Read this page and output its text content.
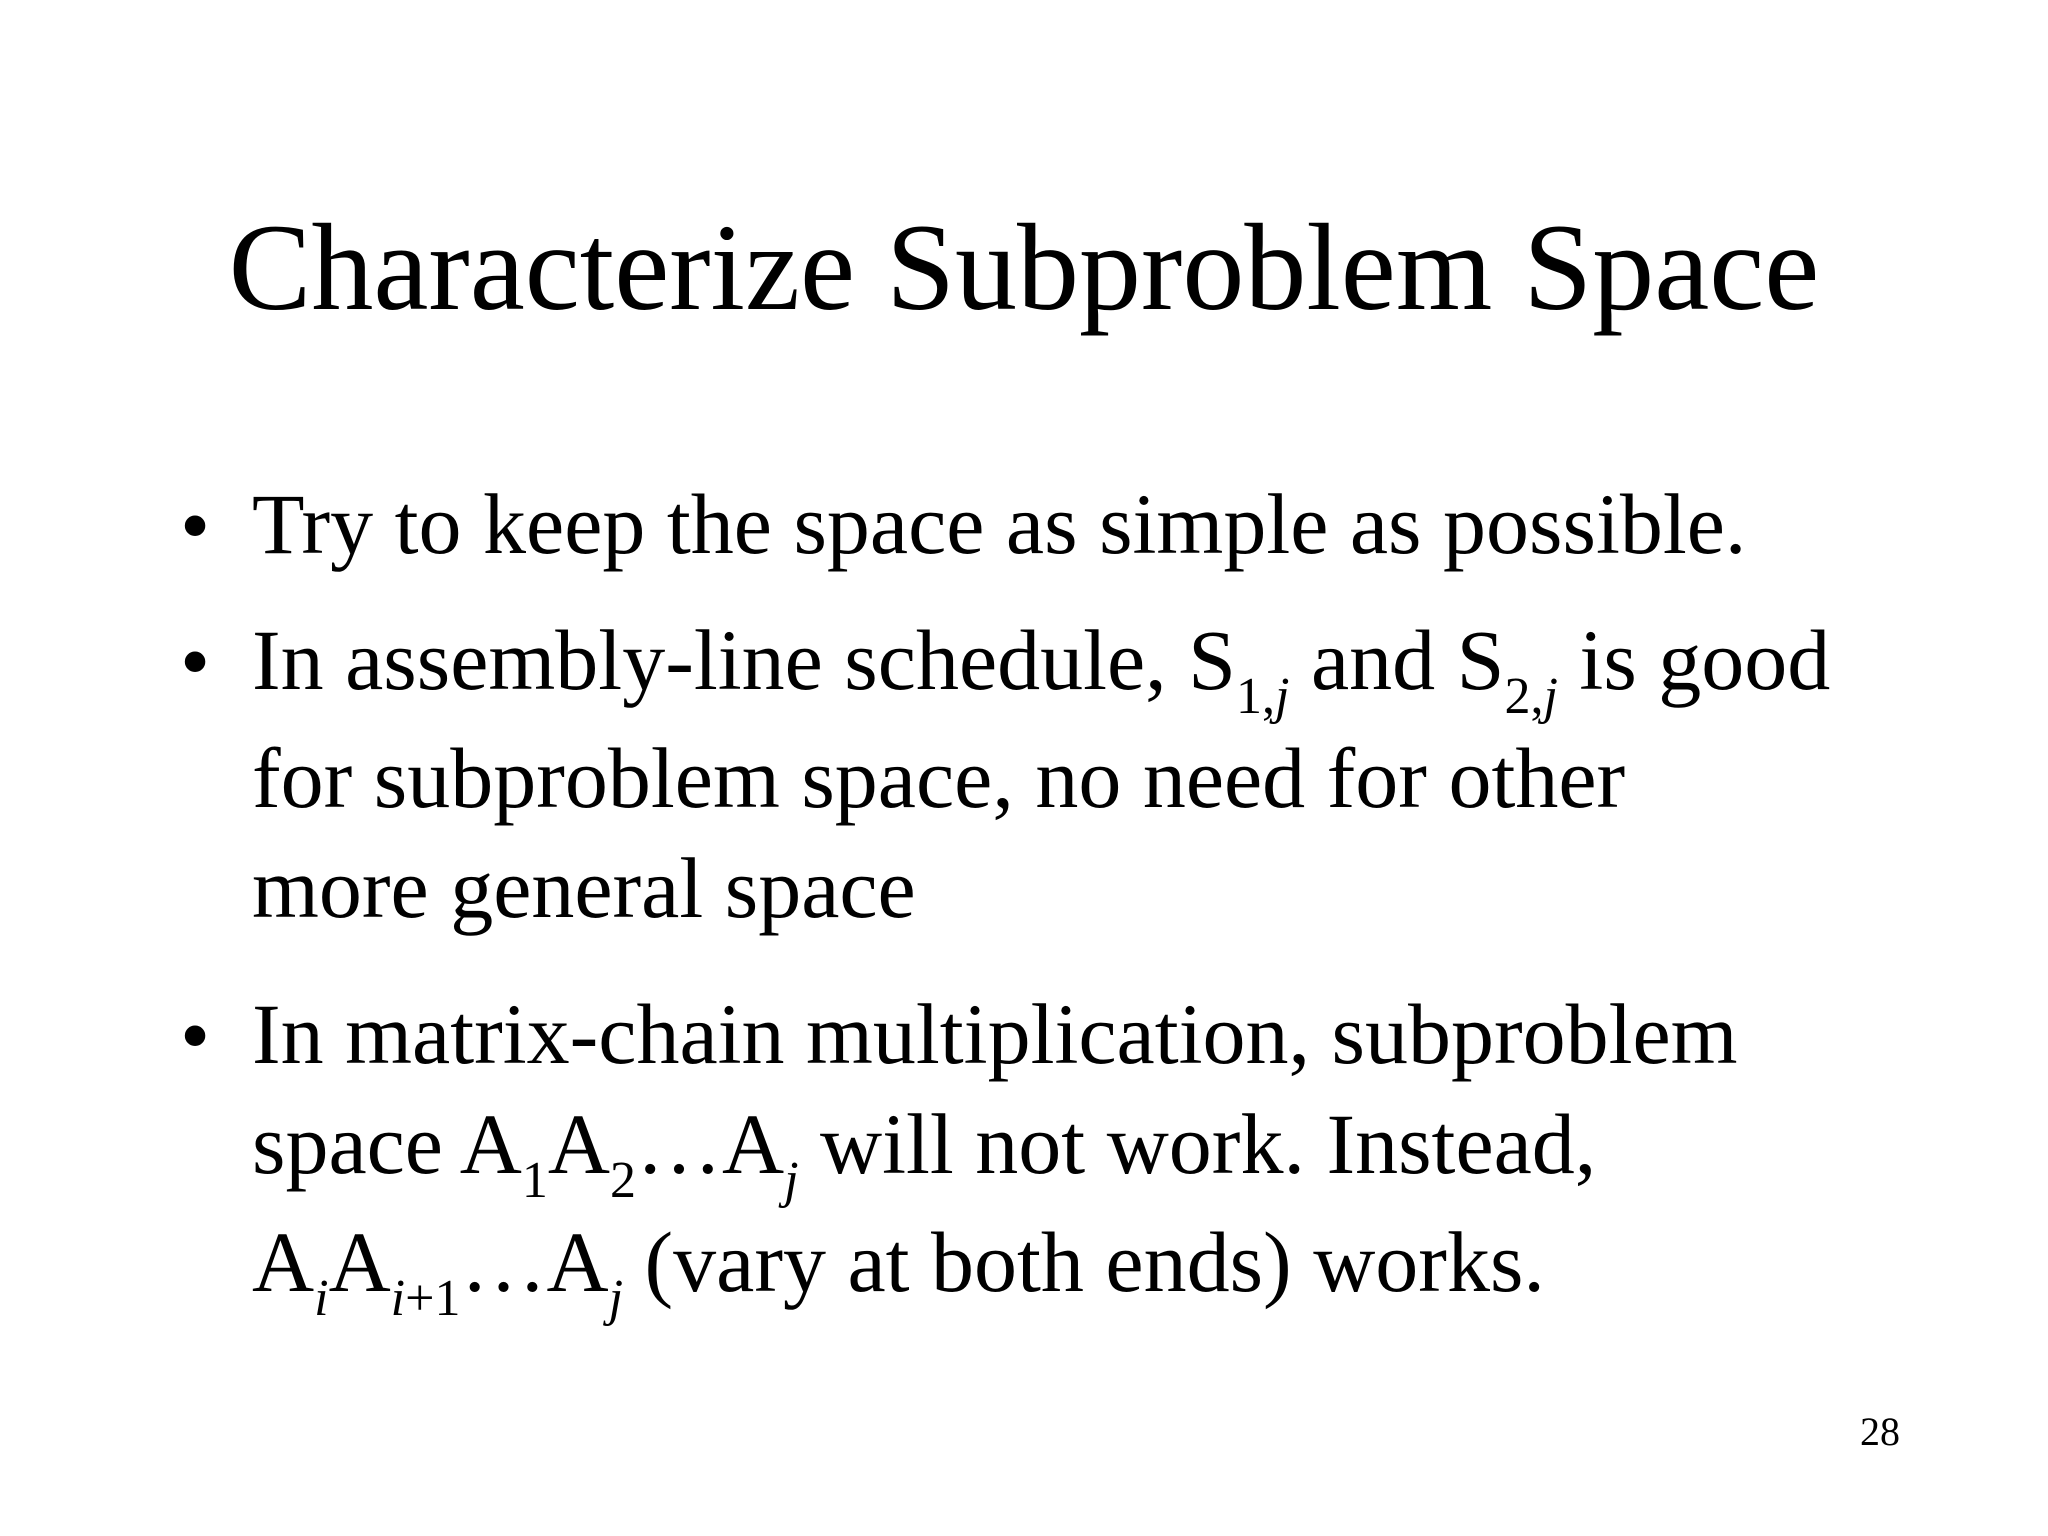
Characterize Subproblem Space
• Try to keep the space as simple as possible.
• In assembly-line schedule, $S_{1,j}$ and $S_{2,j}$ is good
for subproblem space, no need for other
more general space
• In matrix-chain multiplication, subproblem
space $A_1A_2\dots A_j$ will not work. Instead,
$A_iA_{i+1}\dots A_j$ (vary at both ends) works.
28
